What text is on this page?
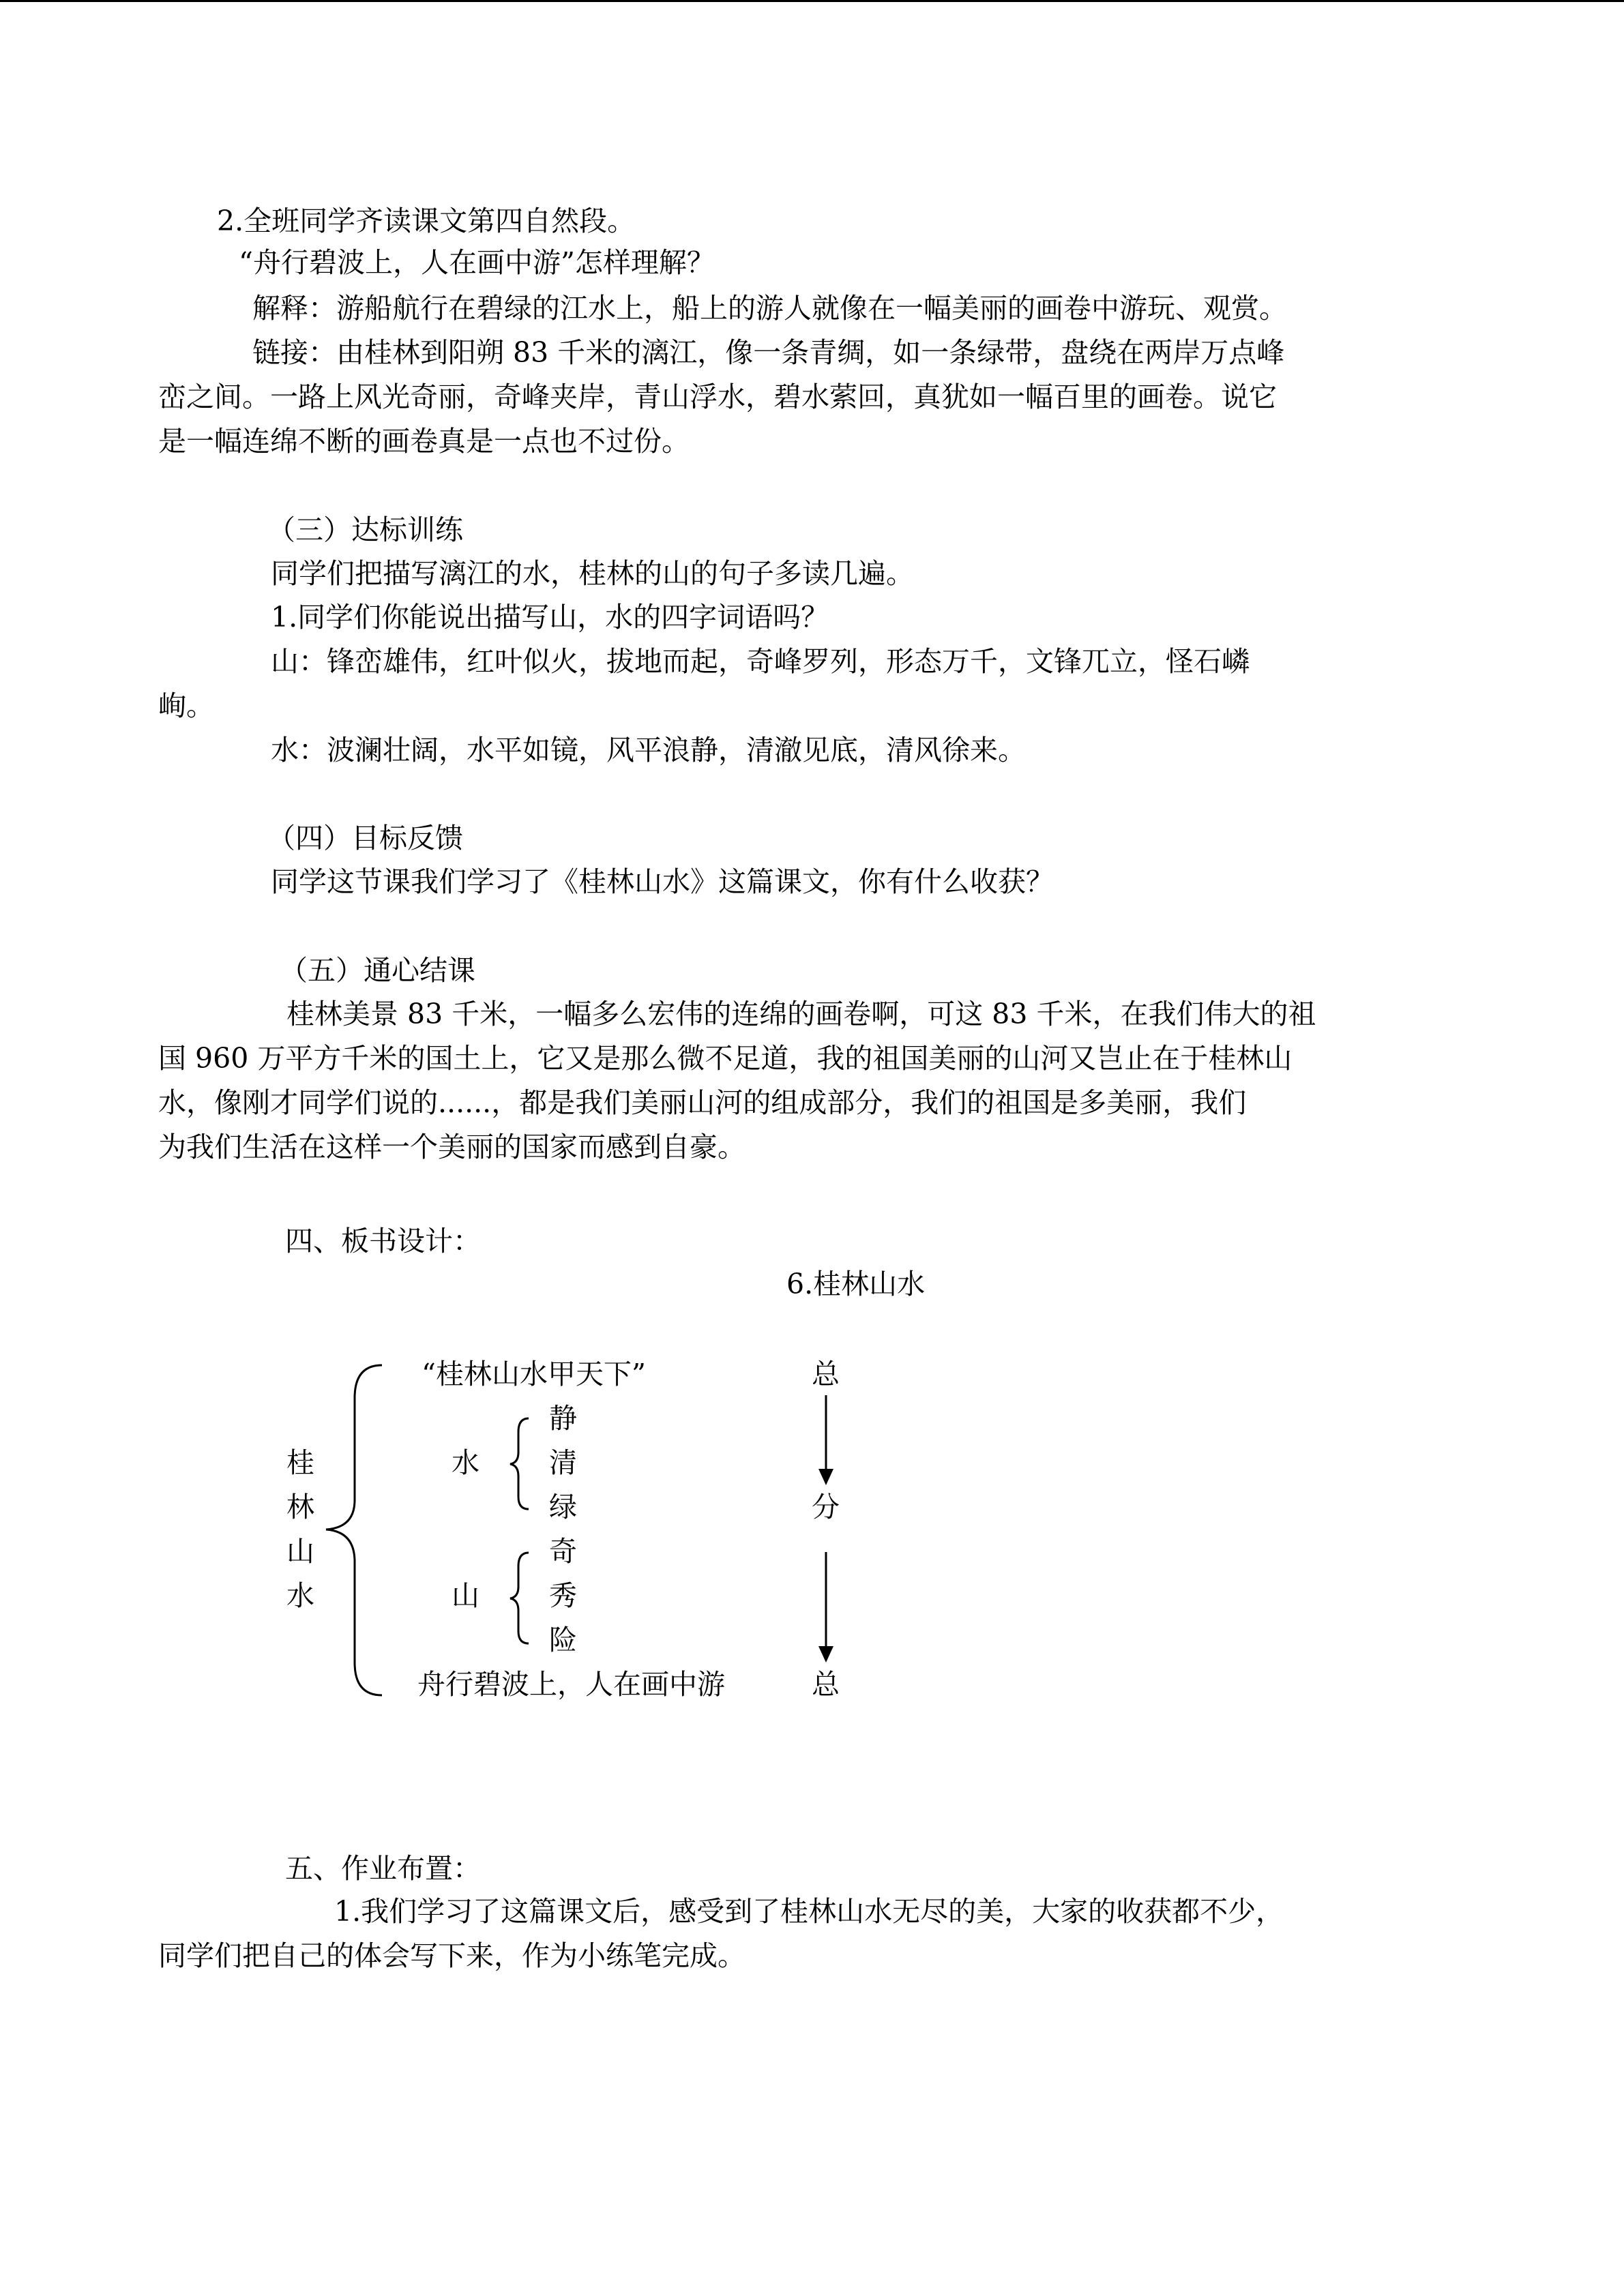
2.全班同学齐读课文第四自然段。
“舟行碧波上，人在画中游”怎样理解？
解释：游船航行在碧绿的江水上，船上的游人就像在一幅美丽的画卷中游玩、观赏。
链接：由桂林到阳朔 83 千米的漓江，像一条青绸，如一条绿带，盘绕在两岸万点峰
峦之间。一路上风光奇丽，奇峰夹岸，青山浮水，碧水萦回，真犹如一幅百里的画卷。说它
是一幅连绵不断的画卷真是一点也不过份。
（三）达标训练
同学们把描写漓江的水，桂林的山的句子多读几遍。
1.同学们你能说出描写山，水的四字词语吗？
山：锋峦雄伟，红叶似火，拔地而起，奇峰罗列，形态万千，文锋兀立，怪石嶙
峋。
水：波澜壮阔，水平如镜，风平浪静，清澈见底，清风徐来。
（四）目标反馈
同学这节课我们学习了《桂林山水》这篇课文，你有什么收获？
（五）通心结课
桂林美景 83 千米，一幅多么宏伟的连绵的画卷啊，可这 83 千米，在我们伟大的祖
国 960 万平方千米的国土上，它又是那么微不足道，我的祖国美丽的山河又岂止在于桂林山
水，像刚才同学们说的......，都是我们美丽山河的组成部分，我们的祖国是多美丽，我们
为我们生活在这样一个美丽的国家而感到自豪。
四、板书设计：
6.桂林山水
“桂林山水甲天下”	总
桂
林
山
水
水
静
清
绿	分
山
奇
秀
险
舟行碧波上，人在画中游	总
五、作业布置：
1.我们学习了这篇课文后，感受到了桂林山水无尽的美，大家的收获都不少，
同学们把自己的体会写下来，作为小练笔完成。
